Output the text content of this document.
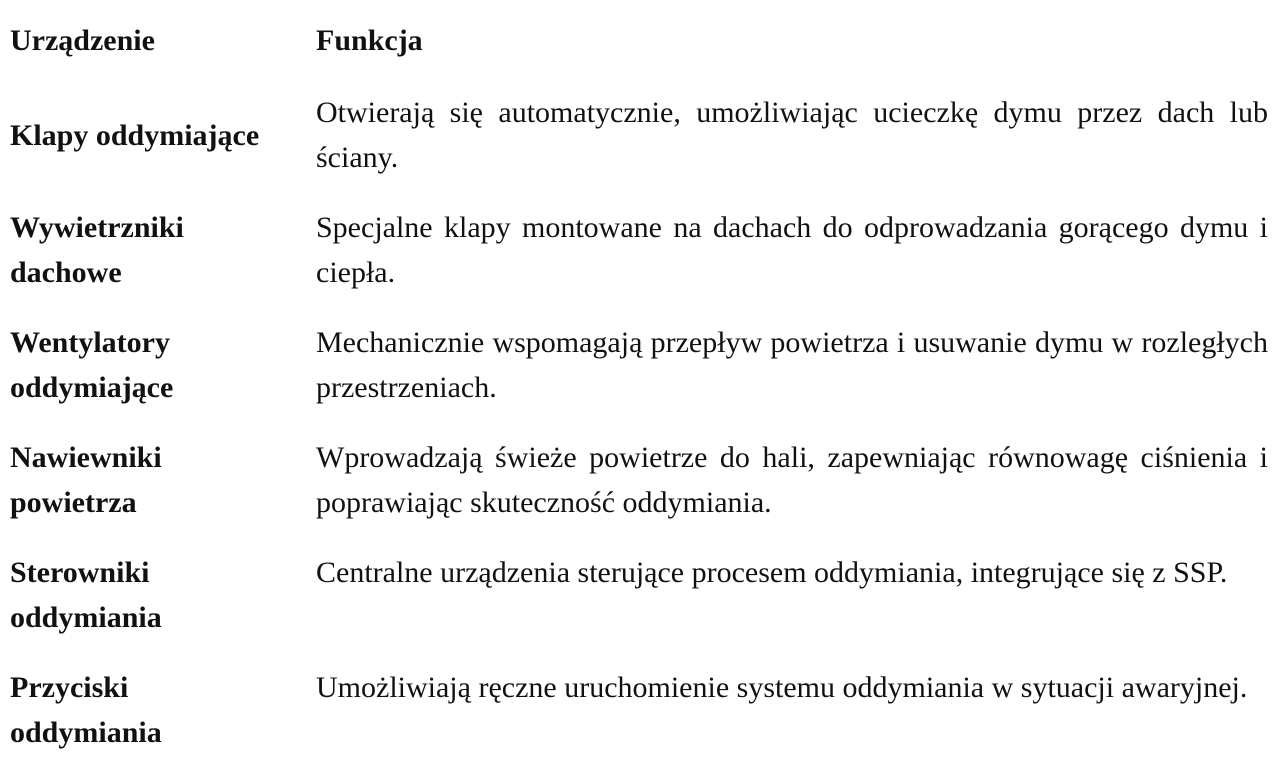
Urządzenie	Funkcja
Klapy oddymiające
Otwierają się automatycznie, umożliwiając ucieczkę dymu przez dach lub ściany.
Wywietrzniki dachowe
Specjalne klapy montowane na dachach do odprowadzania gorącego dymu i ciepła.
Wentylatory oddymiające
Mechanicznie wspomagają przepływ powietrza i usuwanie dymu w rozległych przestrzeniach.
Nawiewniki powietrza
Wprowadzają świeże powietrze do hali, zapewniając równowagę ciśnienia i poprawiając skuteczność oddymiania.
Sterowniki oddymiania
Centralne urządzenia sterujące procesem oddymiania, integrujące się z SSP.
Przyciski oddymiania
Umożliwiają ręczne uruchomienie systemu oddymiania w sytuacji awaryjnej.
